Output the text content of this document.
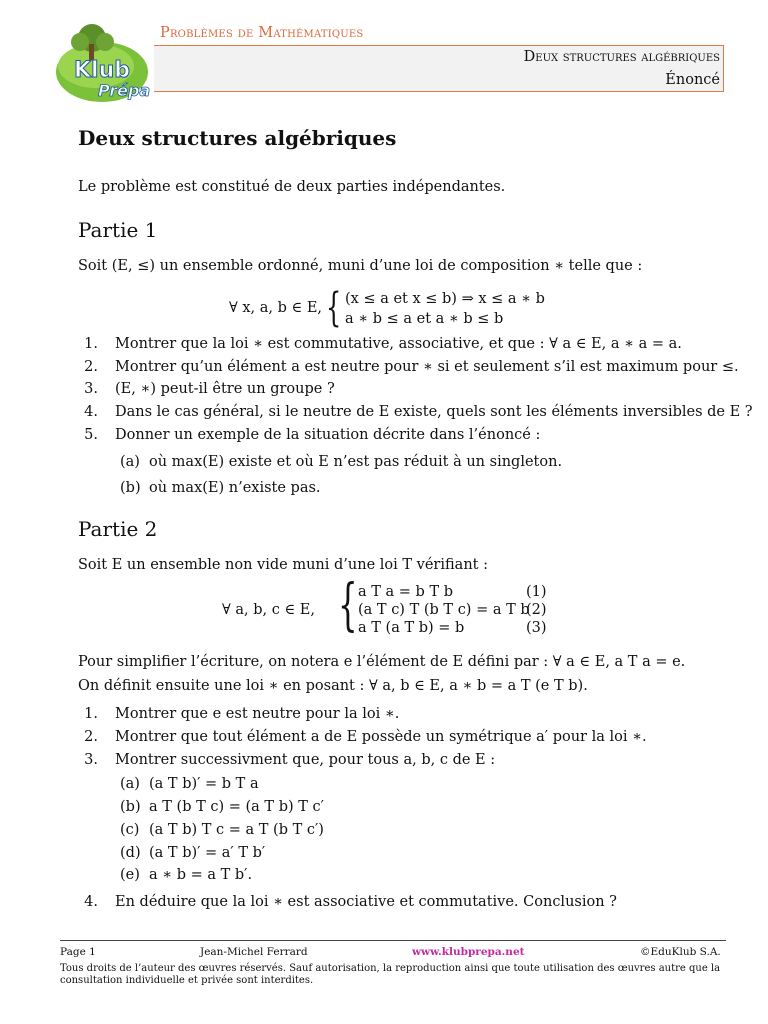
Klub
Prépa
Problèmes de Mathématiques
Deux structures algébriques
Énoncé
Deux structures algébriques
Le problème est constitué de deux parties indépendantes.
Partie 1
Soit (E, ≤) un ensemble ordonné, muni d’une loi de composition ∗ telle que :
∀ x, a, b ∈ E, { (x ≤ a et x ≤ b) ⇒ x ≤ a ∗ b
a ∗ b ≤ a et a ∗ b ≤ b
1. Montrer que la loi ∗ est commutative, associative, et que : ∀ a ∈ E, a ∗ a = a.
2. Montrer qu’un élément a est neutre pour ∗ si et seulement s’il est maximum pour ≤.
3. (E, ∗) peut-il être un groupe ?
4. Dans le cas général, si le neutre de E existe, quels sont les éléments inversibles de E ?
5. Donner un exemple de la situation décrite dans l’énoncé :
(a) où max(E) existe et où E n’est pas réduit à un singleton.
(b) où max(E) n’existe pas.
Partie 2
Soit E un ensemble non vide muni d’une loi T vérifiant :
∀ a, b, c ∈ E, { a T a = b T b	(1)
(a T c) T (b T c) = a T b
(2)
a T (a T b) = b	(3)
Pour simplifier l’écriture, on notera e l’élément de E défini par : ∀ a ∈ E, a T a = e.
On définit ensuite une loi ∗ en posant : ∀ a, b ∈ E, a ∗ b = a T (e T b).
1. Montrer que e est neutre pour la loi ∗.
2. Montrer que tout élément a de E possède un symétrique a′ pour la loi ∗.
3. Montrer successivment que, pour tous a, b, c de E :
(a) (a T b)′ = b T a
(b) a T (b T c) = (a T b) T c′
(c) (a T b) T c = a T (b T c′)
(d) (a T b)′ = a′ T b′
(e) a ∗ b = a T b′.
4. En déduire que la loi ∗ est associative et commutative. Conclusion ?
Page 1	Jean-Michel Ferrard	www.klubprepa.net	©EduKlub S.A.
Tous droits de l’auteur des œuvres réservés. Sauf autorisation, la reproduction ainsi que toute utilisation des œuvres autre que la consultation individuelle et privée sont interdites.
